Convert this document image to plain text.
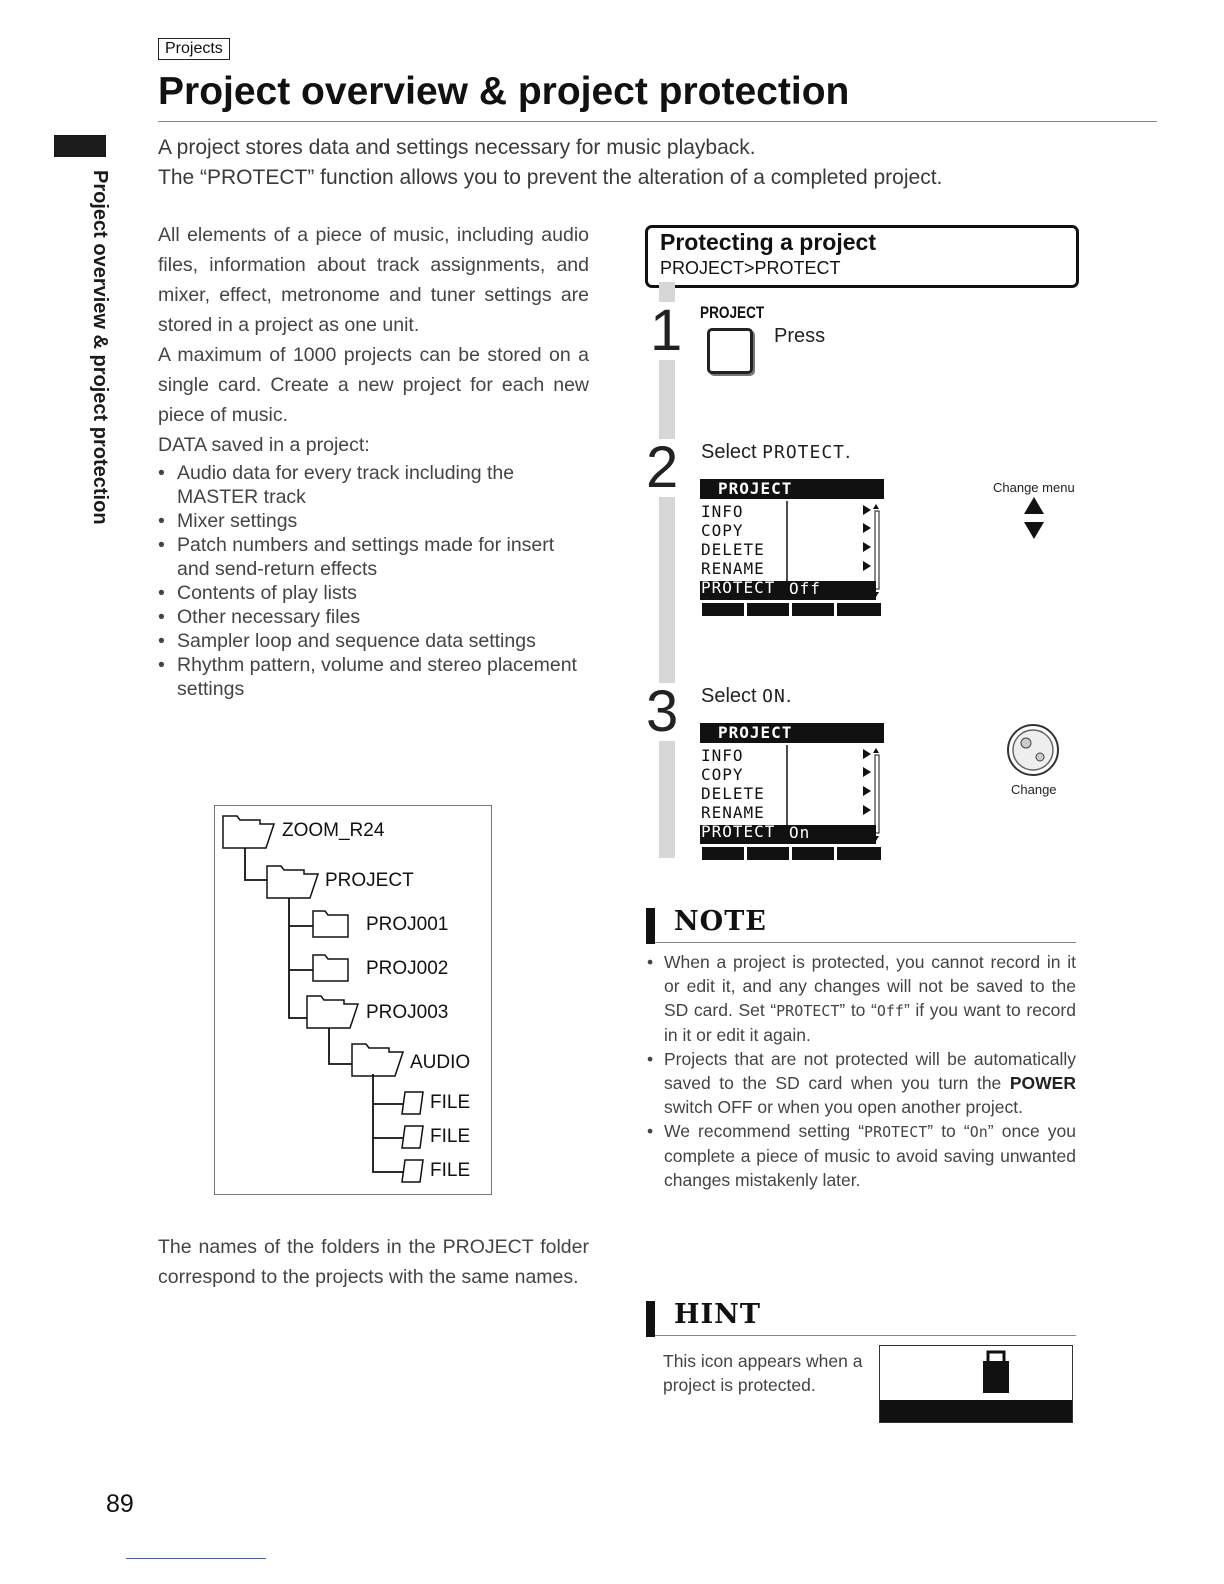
Projects
Project overview & project protection
Project overview & project protection
A project stores data and settings necessary for music playback.
The “PROTECT” function allows you to prevent the alteration of a completed project.

All elements of a piece of music, including audio files, information about track assignments, and mixer, effect, metronome and tuner settings are stored in a project as one unit.

A maximum of 1000 projects can be stored on a single card. Create a new project for each new piece of music.

DATA saved in a project:

• Audio data for every track including the MASTER track
• Mixer settings
• Patch numbers and settings made for insert and send-return effects
• Contents of play lists
• Other necessary files
• Sampler loop and sequence data settings
• Rhythm pattern, volume and stereo placement settings
ZOOM_R24
PROJECT
PROJ001
PROJ002
PROJ003
AUDIO
FILE
FILE
FILE

The names of the folders in the PROJECT folder correspond to the projects with the same names.

Protecting a project
PROJECT>PROTECT
1 PROJECT
Press
2 Select PROTECT.
PROJECT
INFO
COPY
DELETE
RENAME
PROTECT Off
Change menu
3 Select ON.
PROJECT
INFO
COPY
DELETE
RENAME
PROTECT On
Change
NOTE
• When a project is protected, you cannot record in it or edit it, and any changes will not be saved to the SD card. Set “PROTECT” to “Off” if you want to record in it or edit it again.
• Projects that are not protected will be automatically saved to the SD card when you turn the POWER switch OFF or when you open another project.
• We recommend setting “PROTECT” to “On” once you complete a piece of music to avoid saving unwanted changes mistakenly later.
HINT
This icon appears when a project is protected.
89
